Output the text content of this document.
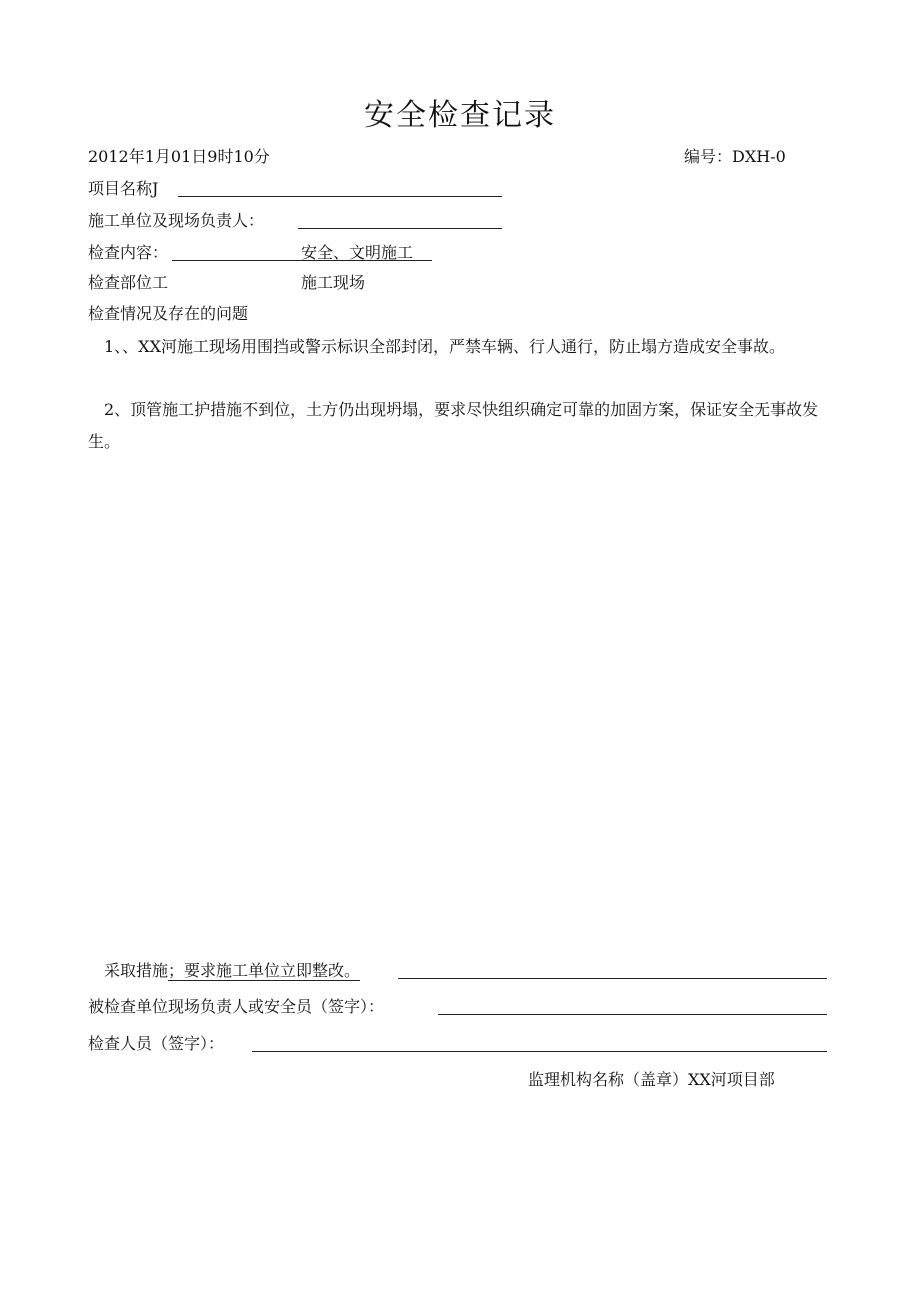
安全检查记录
2012年1月01日9时10分	编号：DXH-0
项目名称J
施工单位及现场负责人：
检查内容：	安全、文明施工
检查部位工	施工现场
检查情况及存在的问题
1、、XX河施工现场用围挡或警示标识全部封闭，严禁车辆、行人通行，防止塌方造成安全事故。
2、顶管施工护措施不到位，土方仍出现坍塌，要求尽快组织确定可靠的加固方案，保证安全无事故发生。
采取措施；要求施工单位立即整改。
被检查单位现场负责人或安全员（签字）：
检查人员（签字）：
监理机构名称（盖章）XX河项目部
